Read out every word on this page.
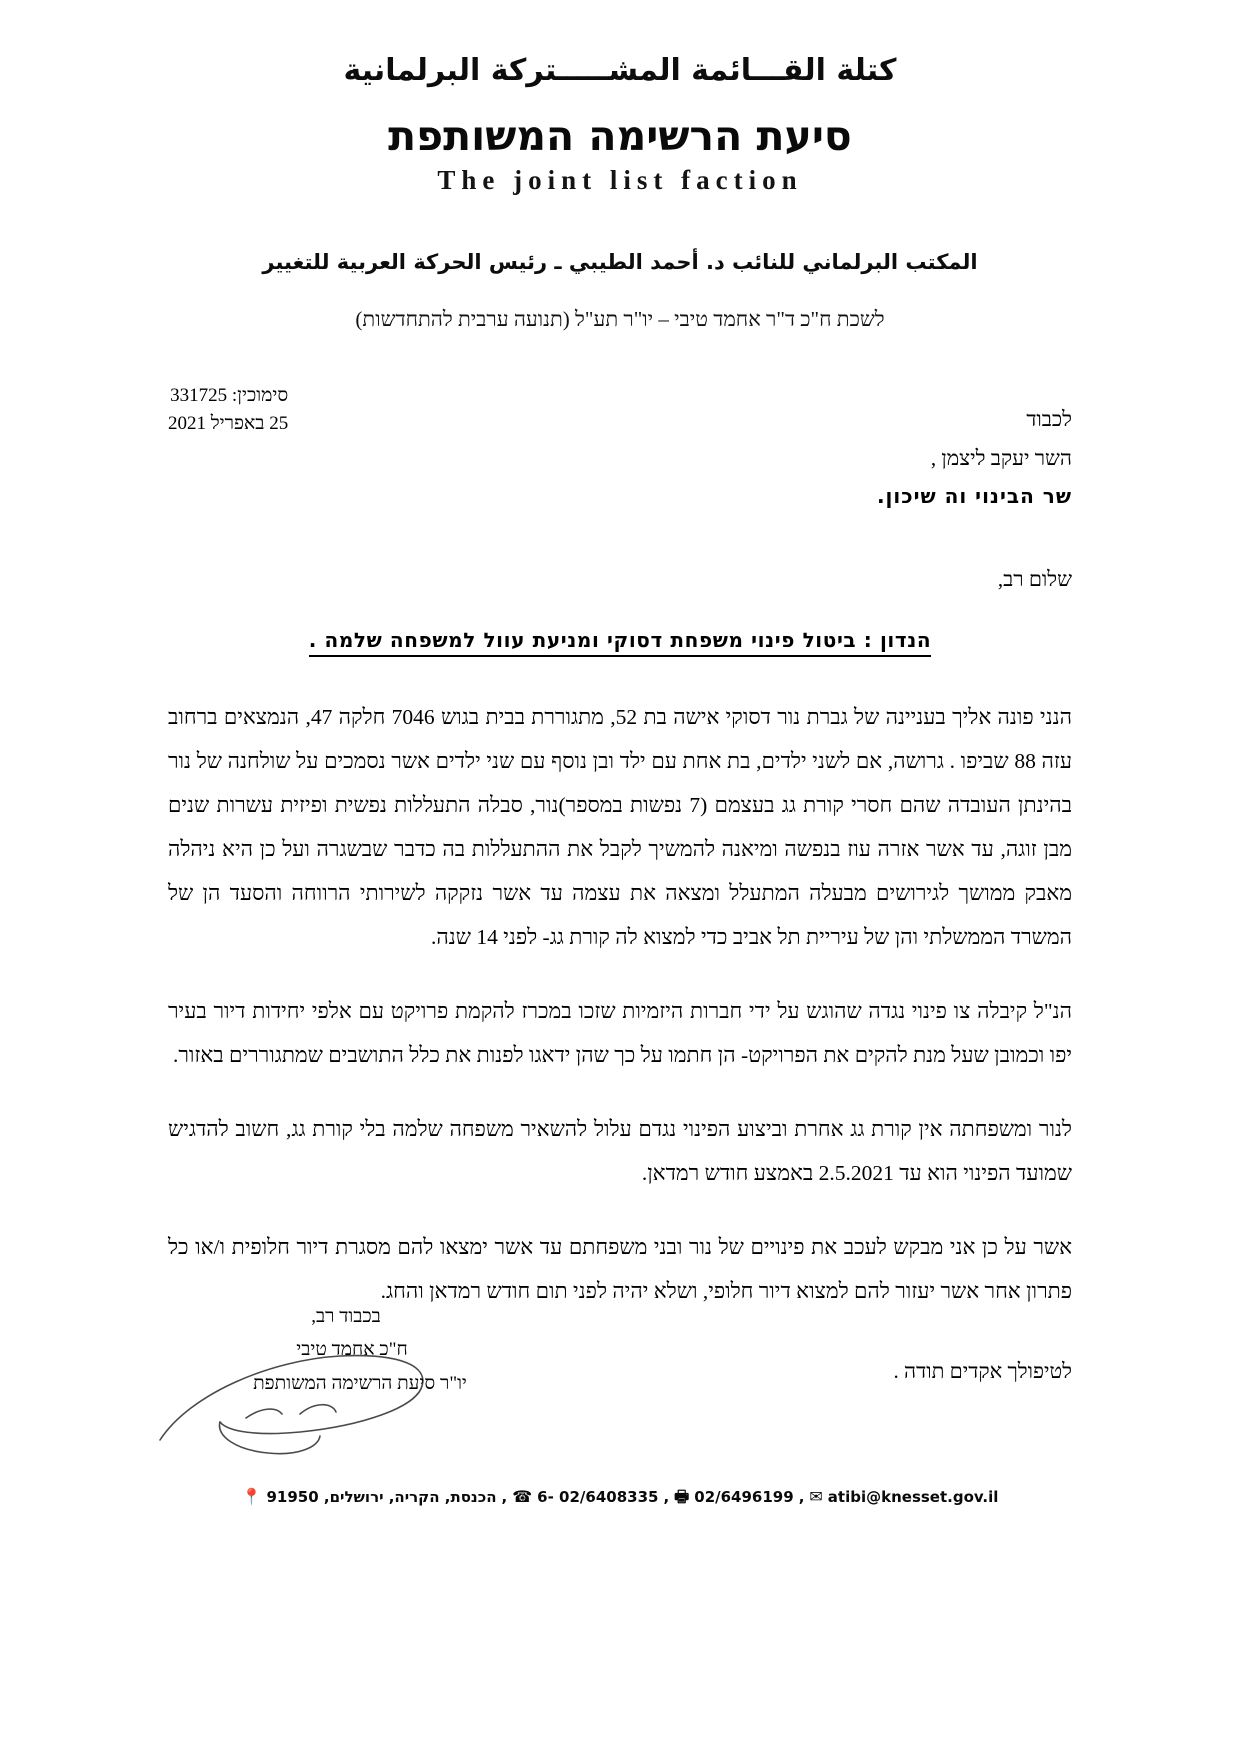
كتلة القـــائمة المشـــــتركة البرلمانية
סיעת הרשימה המשותפת
The joint list faction
المكتب البرلماني للنائب د. أحمد الطيبي ـ رئيس الحركة العربية للتغيير
לשכת ח"כ ד"ר אחמד טיבי – יו"ר תע"ל (תנועה ערבית להתחדשות)
סימוכין: 331725
25 באפריל 2021	לכבוד
השר יעקב ליצמן ,
שר הבינוי וה שיכון.
שלום רב,
הנדון : ביטול פינוי משפחת דסוקי ומניעת עוול למשפחה שלמה .

הנני פונה אליך בעניינה של גברת נור דסוקי אישה בת 52, מתגוררת בבית בגוש 7046 חלקה 47, הנמצאים ברחוב עזה 88 שביפו . גרושה, אם לשני ילדים, בת אחת עם ילד ובן נוסף עם שני ילדים אשר נסמכים על שולחנה של נור בהינתן העובדה שהם חסרי קורת גג בעצמם (7 נפשות במספר)נור, סבלה התעללות נפשית ופיזית עשרות שנים מבן זוגה, עד אשר אזרה עוז בנפשה ומיאנה להמשיך לקבל את ההתעללות בה כדבר שבשגרה ועל כן היא ניהלה מאבק ממושך לגירושים מבעלה המתעלל ומצאה את עצמה עד אשר נזקקה לשירותי הרווחה והסעד הן של המשרד הממשלתי והן של עיריית תל אביב כדי למצוא לה קורת גג- לפני 14 שנה.

הנ"ל קיבלה צו פינוי נגדה שהוגש על ידי חברות היזמיות שזכו במכרז להקמת פרויקט עם אלפי יחידות דיור בעיר יפו וכמובן שעל מנת להקים את הפרויקט- הן חתמו על כך שהן ידאגו לפנות את כלל התושבים שמתגוררים באזור.

לנור ומשפחתה אין קורת גג אחרת וביצוע הפינוי נגדם עלול להשאיר משפחה שלמה בלי קורת גג, חשוב להדגיש שמועד הפינוי הוא עד 2.5.2021 באמצע חודש רמדאן.

אשר על כן אני מבקש לעכב את פינויים של נור ובני משפחתם עד אשר ימצאו להם מסגרת דיור חלופית ו/או כל פתרון אחר אשר יעזור להם למצוא דיור חלופי, ושלא יהיה לפני תום חודש רמדאן והחג.

לטיפולך אקדים תודה .
בכבוד רב,
ח"כ אחמד טיבי
יו"ר סיעת הרשימה המשותפת
atibi@knesset.gov.il
✉
,
02/6496199
🖶
,
02/6408335 -6
☎
,
הכנסת, הקריה, ירושלים, 91950
📍
